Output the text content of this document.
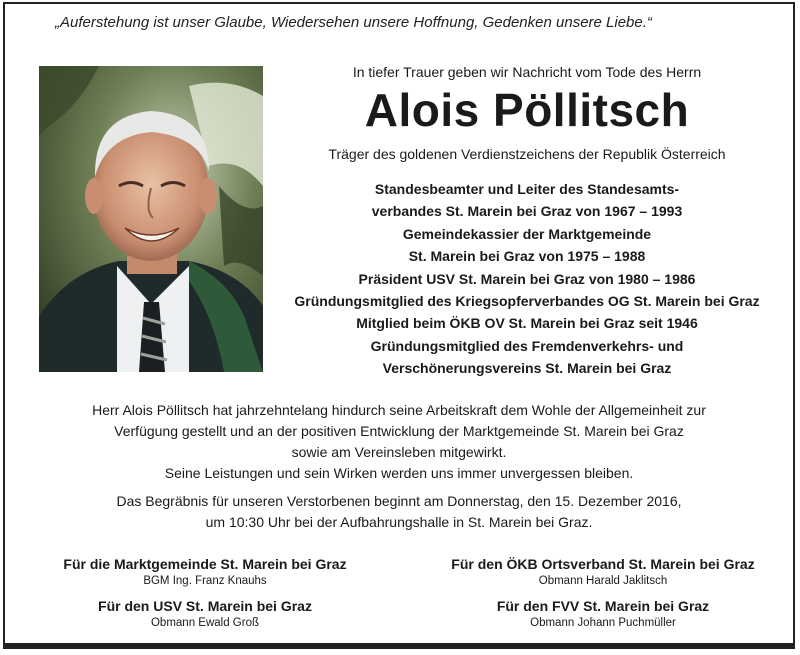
„Auferstehung ist unser Glaube, Wiedersehen unsere Hoffnung, Gedenken unsere Liebe.“
In tiefer Trauer geben wir Nachricht vom Tode des Herrn
Alois Pöllitsch
Träger des goldenen Verdienstzeichens der Republik Österreich
Standesbeamter und Leiter des Standesamts-
verbandes St. Marein bei Graz von 1967 – 1993
Gemeindekassier der Marktgemeinde
St. Marein bei Graz von 1975 – 1988
Präsident USV St. Marein bei Graz von 1980 – 1986
Gründungsmitglied des Kriegsopferverbandes OG St. Marein bei Graz
Mitglied beim ÖKB OV St. Marein bei Graz seit 1946
Gründungsmitglied des Fremdenverkehrs- und
Verschönerungsvereins St. Marein bei Graz
Herr Alois Pöllitsch hat jahrzehntelang hindurch seine Arbeitskraft dem Wohle der Allgemeinheit zur
Verfügung gestellt und an der positiven Entwicklung der Marktgemeinde St. Marein bei Graz
sowie am Vereinsleben mitgewirkt.
Seine Leistungen und sein Wirken werden uns immer unvergessen bleiben.
Das Begräbnis für unseren Verstorbenen beginnt am Donnerstag, den 15. Dezember 2016,
um 10:30 Uhr bei der Aufbahrungshalle in St. Marein bei Graz.
Für die Marktgemeinde St. Marein bei Graz
BGM Ing. Franz Knauhs
Für den ÖKB Ortsverband St. Marein bei Graz
Obmann Harald Jaklitsch
Für den USV St. Marein bei Graz
Obmann Ewald Groß
Für den FVV St. Marein bei Graz
Obmann Johann Puchmüller
